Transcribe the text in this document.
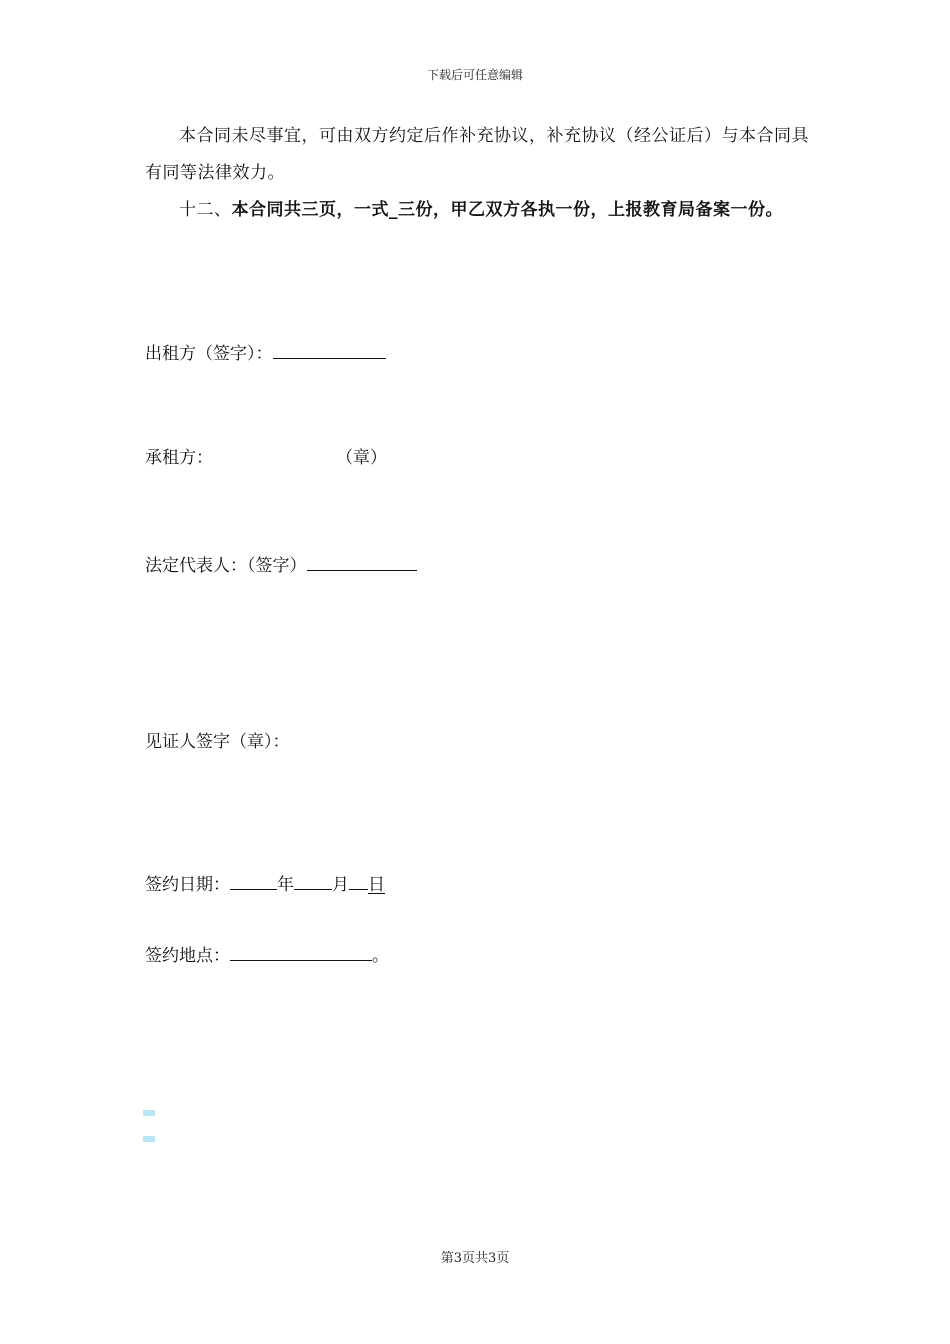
下载后可任意编辑
本合同未尽事宜，可由双方约定后作补充协议，补充协议（经公证后）与本合同具有同等法律效力。
十二、本合同共三页，一式_三份，甲乙双方各执一份，上报教育局备案一份。
出租方（签字）：
承租方：	（章）
法定代表人：（签字）
见证人签字（章）：
签约日期：	年 月 日
签约地点：	。
第3页共3页
